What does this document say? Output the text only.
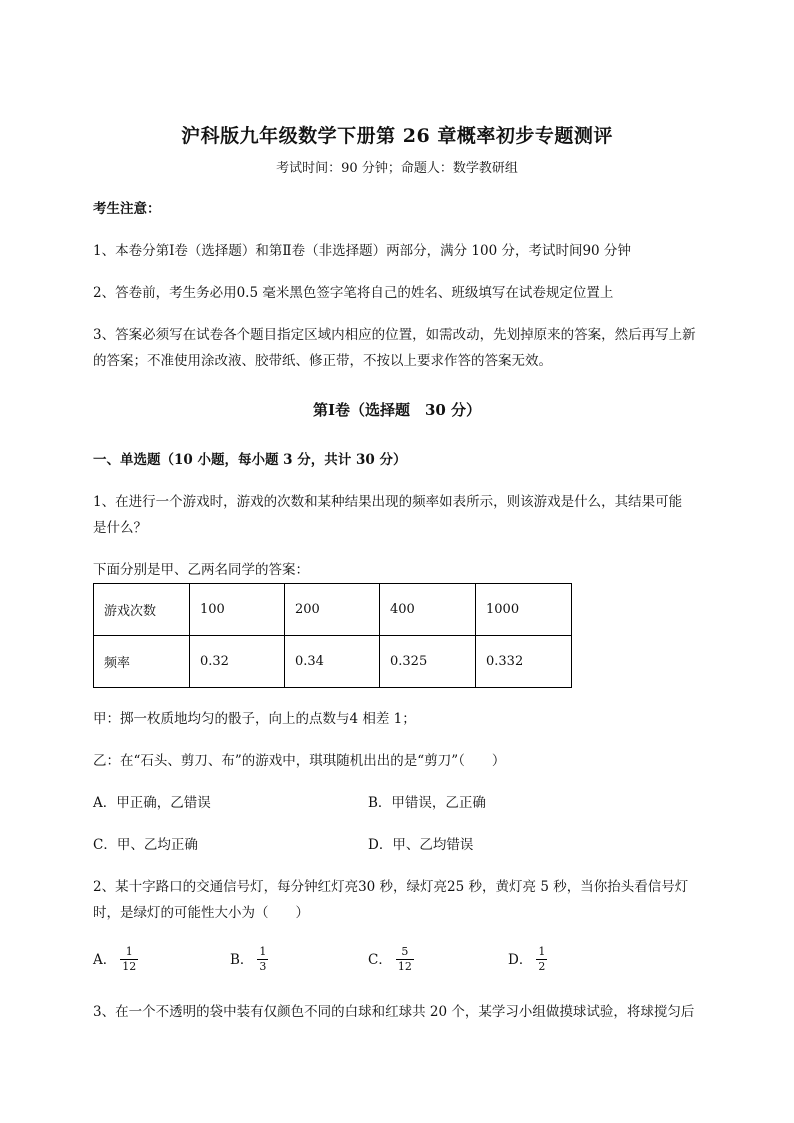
沪科版九年级数学下册第 26 章概率初步专题测评
考试时间：90 分钟；命题人：数学教研组
考生注意：
1、本卷分第Ⅰ卷（选择题）和第Ⅱ卷（非选择题）两部分，满分 100 分，考试时间90 分钟
2、答卷前，考生务必用0.5 毫米黑色签字笔将自己的姓名、班级填写在试卷规定位置上
3、答案必须写在试卷各个题目指定区域内相应的位置，如需改动，先划掉原来的答案，然后再写上新
的答案；不准使用涂改液、胶带纸、修正带，不按以上要求作答的答案无效。
第Ⅰ卷（选择题　30 分）
一、单选题（10 小题，每小题 3 分，共计 30 分）
1、在进行一个游戏时，游戏的次数和某种结果出现的频率如表所示，则该游戏是什么，其结果可能
是什么？
下面分别是甲、乙两名同学的答案：
游戏次数	100	200	400	1000
频率	0.32	0.34	0.325	0.332
甲：掷一枚质地均匀的骰子，向上的点数与4 相差 1；
乙：在“石头、剪刀、布”的游戏中，琪琪随机出出的是“剪刀”（　　）
A．甲正确，乙错误	B．甲错误，乙正确
C．甲、乙均正确	D．甲、乙均错误
2、某十字路口的交通信号灯，每分钟红灯亮30 秒，绿灯亮25 秒，黄灯亮 5 秒，当你抬头看信号灯
时，是绿灯的可能性大小为（　　）
A． $\frac{1}{12}$	B． $\frac{1}{3}$	C． $\frac{5}{12}$	D． $\frac{1}{2}$
3、在一个不透明的袋中装有仅颜色不同的白球和红球共 20 个，某学习小组做摸球试验，将球搅匀后
